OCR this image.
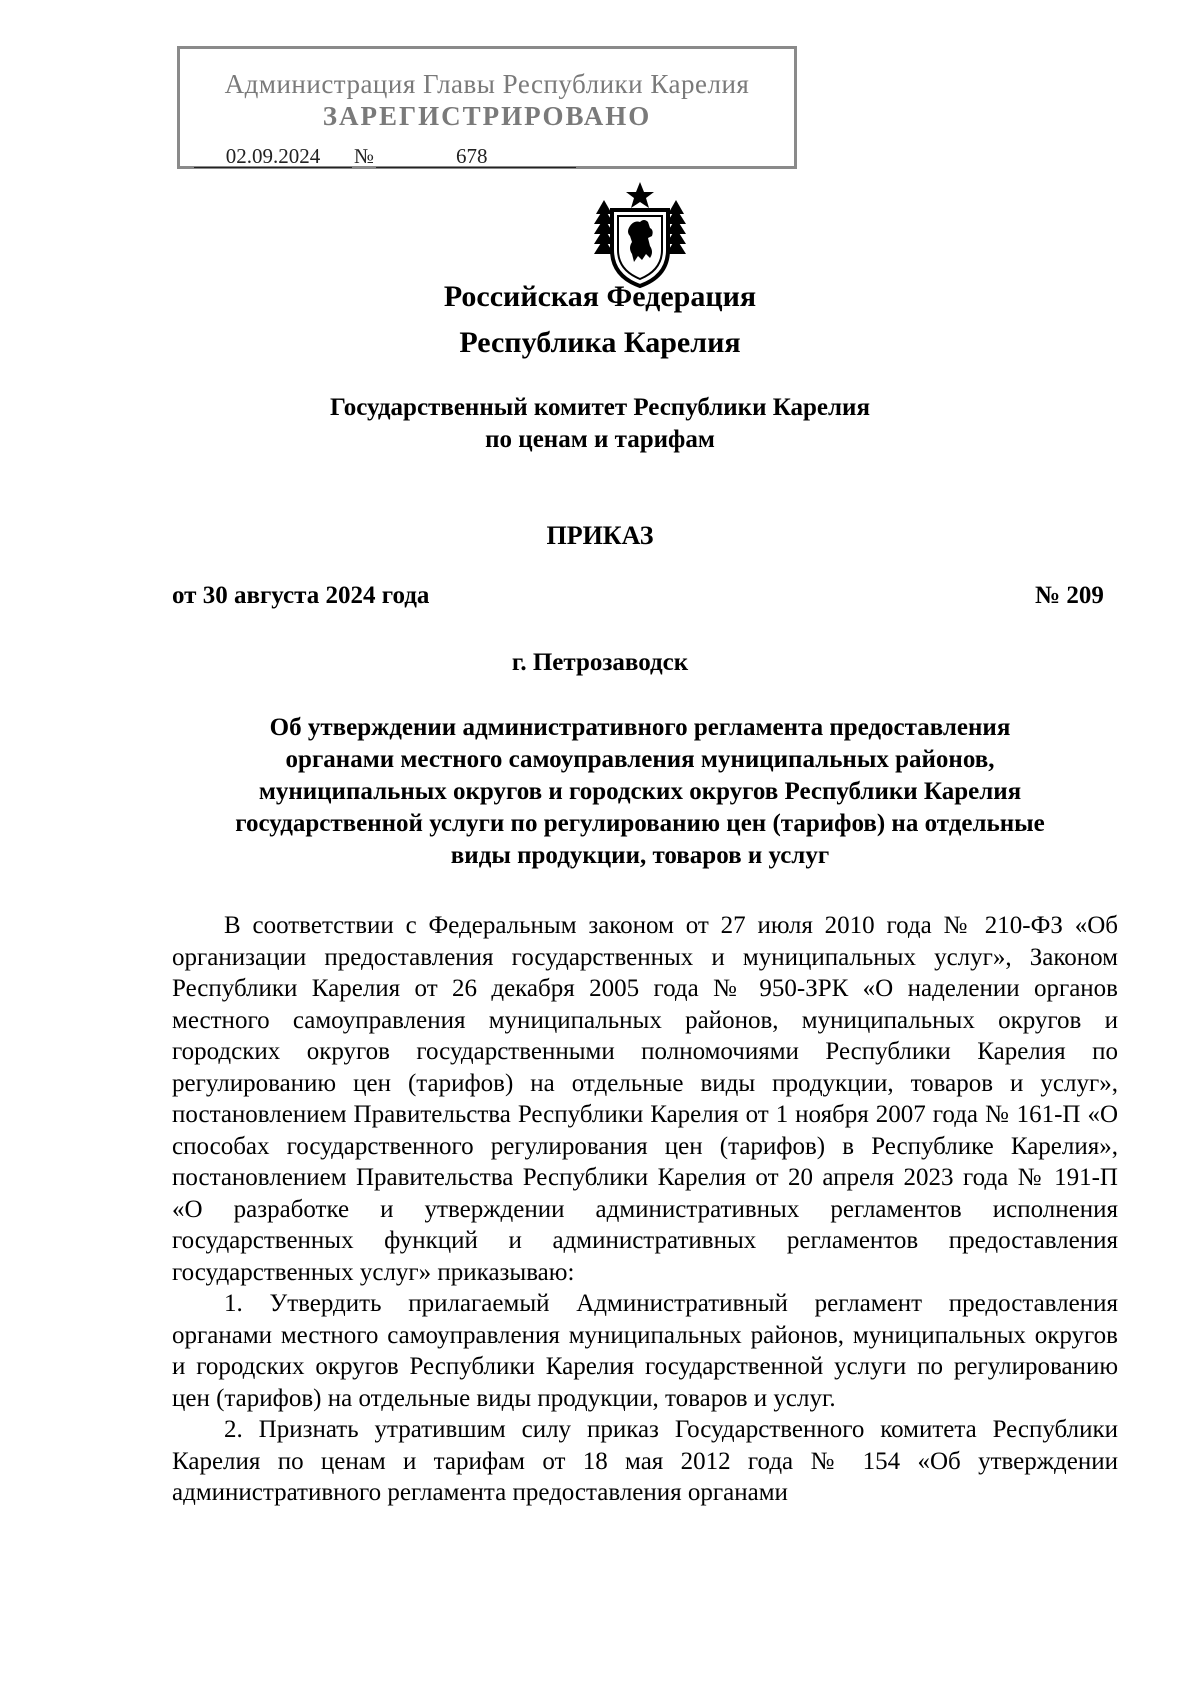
Администрация Главы Республики Карелия
ЗАРЕГИСТРИРОВАНО
02.09.2024 №	678
Российская Федерация
Республика Карелия
Государственный комитет Республики Карелия
по ценам и тарифам
ПРИКАЗ
от 30 августа 2024 года	№ 209
г. Петрозаводск
Об утверждении административного регламента предоставления
органами местного самоуправления муниципальных районов,
муниципальных округов и городских округов Республики Карелия
государственной услуги по регулированию цен (тарифов) на отдельные
виды продукции, товаров и услуг

В соответствии с Федеральным законом от 27 июля 2010 года № 210-ФЗ «Об организации предоставления государственных и муниципальных услуг», Законом Республики Карелия от 26 декабря 2005 года № 950-ЗРК «О наделении органов местного самоуправления муниципальных районов, муниципальных округов и городских округов государственными полномочиями Республики Карелия по регулированию цен (тарифов) на отдельные виды продукции, товаров и услуг», постановлением Правительства Республики Карелия от 1 ноября 2007 года № 161-П «О способах государственного регулирования цен (тарифов) в Республике Карелия», постановлением Правительства Республики Карелия от 20 апреля 2023 года № 191-П «О разработке и утверждении административных регламентов исполнения государственных функций и административных регламентов предоставления государственных услуг» приказываю:

1. Утвердить прилагаемый Административный регламент предоставления органами местного самоуправления муниципальных районов, муниципальных округов и городских округов Республики Карелия государственной услуги по регулированию цен (тарифов) на отдельные виды продукции, товаров и услуг.

2. Признать утратившим силу приказ Государственного комитета Республики Карелия по ценам и тарифам от 18 мая 2012 года № 154 «Об утверждении административного регламента предоставления органами
